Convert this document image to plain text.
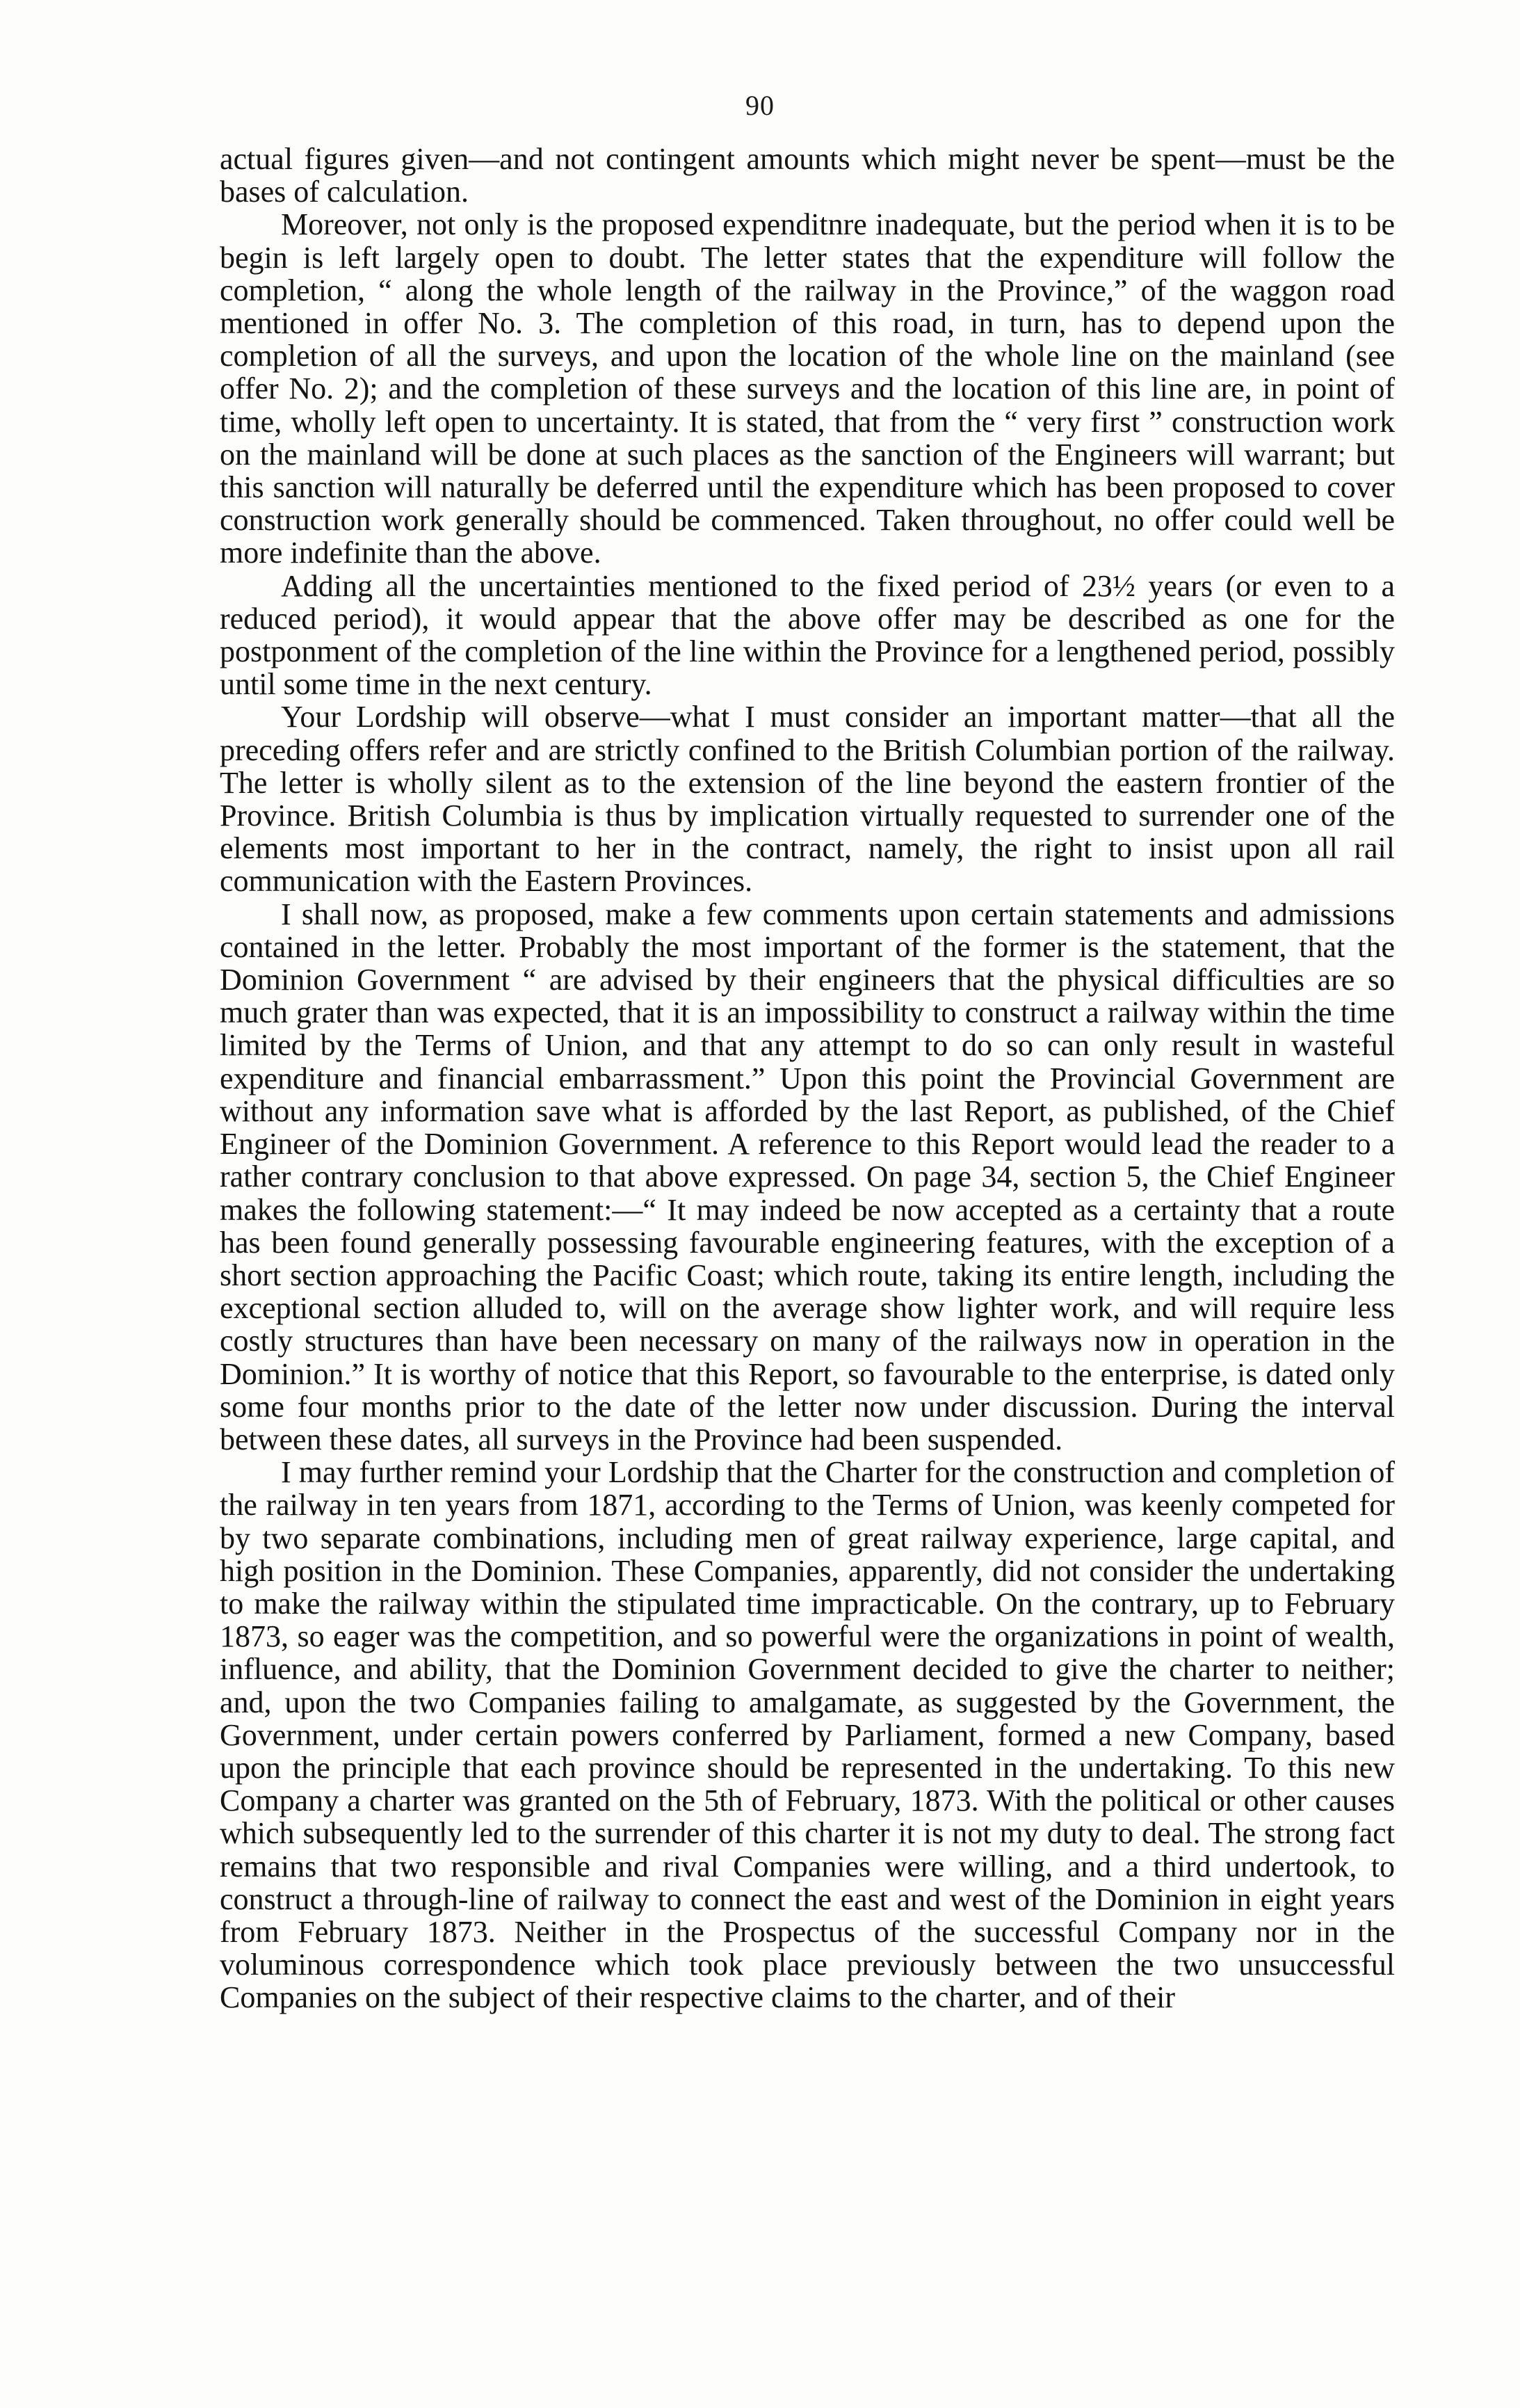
90

actual figures given—and not contingent amounts which might never be spent—must be the bases of calculation.

Moreover, not only is the proposed expenditnre inadequate, but the period when it is to be begin is left largely open to doubt. The letter states that the expenditure will follow the completion, “ along the whole length of the railway in the Province,” of the waggon road mentioned in offer No. 3. The completion of this road, in turn, has to depend upon the completion of all the surveys, and upon the location of the whole line on the mainland (see offer No. 2); and the completion of these surveys and the location of this line are, in point of time, wholly left open to uncertainty. It is stated, that from the “ very first ” construction work on the mainland will be done at such places as the sanction of the Engineers will warrant; but this sanction will naturally be deferred until the expenditure which has been proposed to cover construction work generally should be commenced. Taken throughout, no offer could well be more indefinite than the above.

Adding all the uncertainties mentioned to the fixed period of 23½ years (or even to a reduced period), it would appear that the above offer may be described as one for the postponment of the completion of the line within the Province for a lengthened period, possibly until some time in the next century.

Your Lordship will observe—what I must consider an important matter—that all the preceding offers refer and are strictly confined to the British Columbian portion of the railway. The letter is wholly silent as to the extension of the line beyond the eastern frontier of the Province. British Columbia is thus by implication virtually requested to surrender one of the elements most important to her in the contract, namely, the right to insist upon all rail communication with the Eastern Provinces.

I shall now, as proposed, make a few comments upon certain statements and admissions contained in the letter. Probably the most important of the former is the statement, that the Dominion Government “ are advised by their engineers that the physical difficulties are so much grater than was expected, that it is an impossibility to construct a railway within the time limited by the Terms of Union, and that any attempt to do so can only result in wasteful expenditure and financial embarrassment.” Upon this point the Provincial Government are without any information save what is afforded by the last Report, as published, of the Chief Engineer of the Dominion Government. A reference to this Report would lead the reader to a rather contrary conclusion to that above expressed. On page 34, section 5, the Chief Engineer makes the following statement:—“ It may indeed be now accepted as a certainty that a route has been found generally possessing favourable engineering features, with the exception of a short section approaching the Pacific Coast; which route, taking its entire length, including the exceptional section alluded to, will on the average show lighter work, and will require less costly structures than have been necessary on many of the railways now in operation in the Dominion.” It is worthy of notice that this Report, so favourable to the enterprise, is dated only some four months prior to the date of the letter now under discussion. During the interval between these dates, all surveys in the Province had been suspended.

I may further remind your Lordship that the Charter for the construction and completion of the railway in ten years from 1871, according to the Terms of Union, was keenly competed for by two separate combinations, including men of great railway experience, large capital, and high position in the Dominion. These Companies, apparently, did not consider the undertaking to make the railway within the stipulated time impracticable. On the contrary, up to February 1873, so eager was the competition, and so powerful were the organizations in point of wealth, influence, and ability, that the Dominion Government decided to give the charter to neither; and, upon the two Companies failing to amalgamate, as suggested by the Government, the Government, under certain powers conferred by Parliament, formed a new Company, based upon the principle that each province should be represented in the undertaking. To this new Company a charter was granted on the 5th of February, 1873. With the political or other causes which subsequently led to the surrender of this charter it is not my duty to deal. The strong fact remains that two responsible and rival Companies were willing, and a third undertook, to construct a through-line of railway to connect the east and west of the Dominion in eight years from February 1873. Neither in the Prospectus of the successful Company nor in the voluminous correspondence which took place previously between the two unsuccessful Companies on the subject of their respective claims to the charter, and of their
